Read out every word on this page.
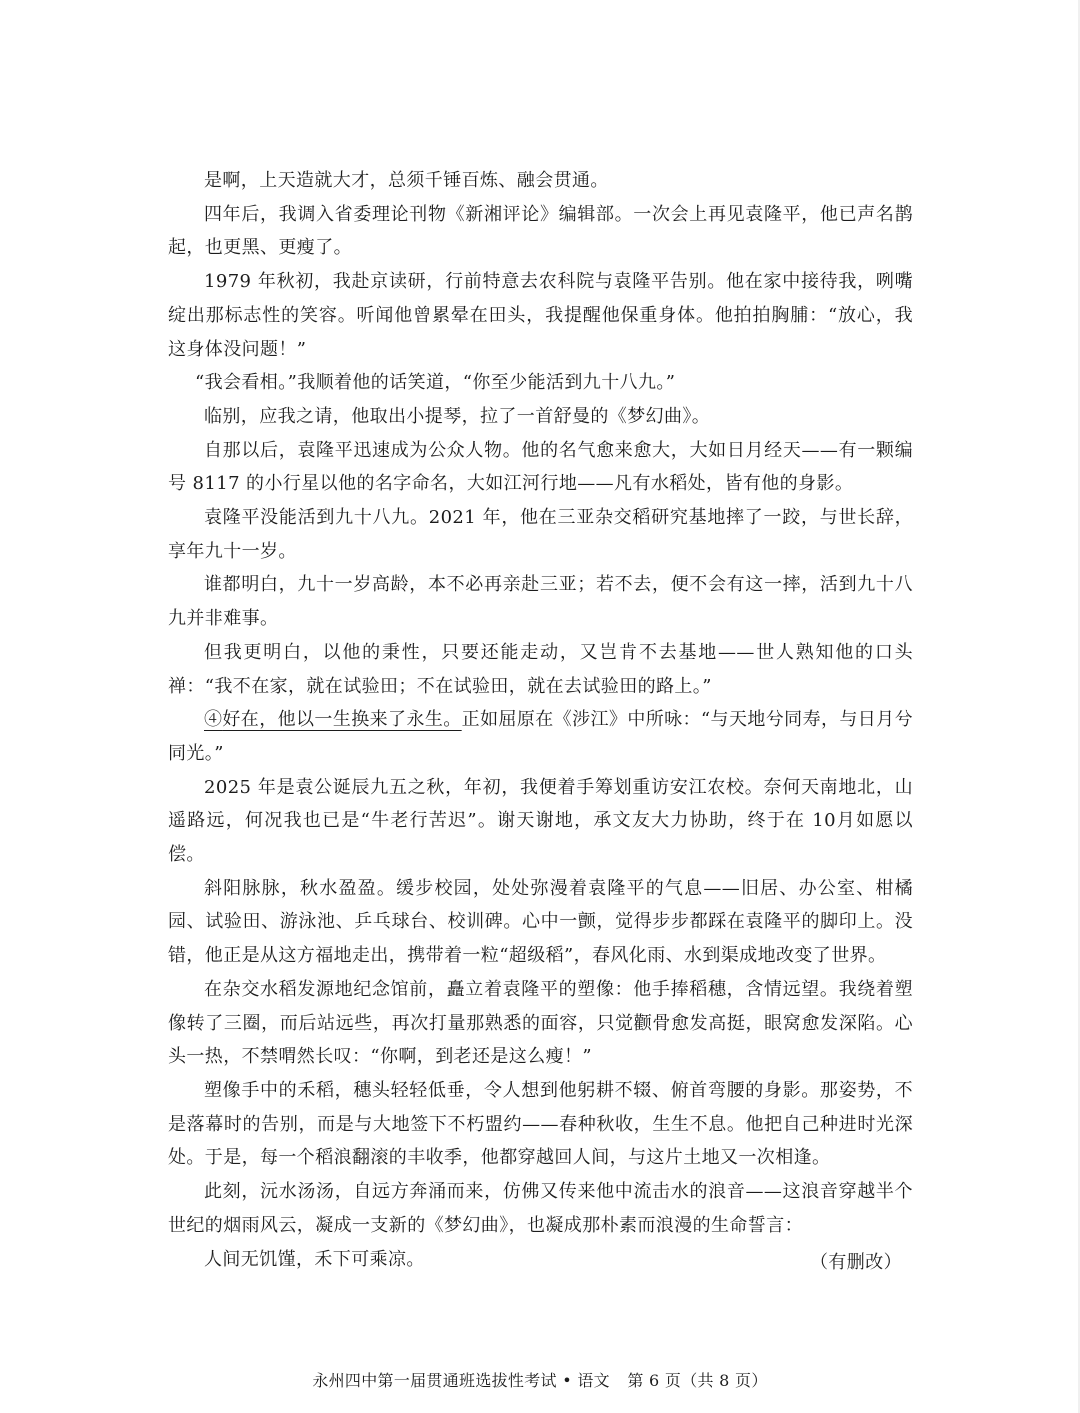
是啊，上天造就大才，总须千锤百炼、融会贯通。

四年后，我调入省委理论刊物《新湘评论》编辑部。一次会上再见袁隆平，他已声名鹊起，也更黑、更瘦了。

1979 年秋初，我赴京读研，行前特意去农科院与袁隆平告别。他在家中接待我，咧嘴绽出那标志性的笑容。听闻他曾累晕在田头，我提醒他保重身体。他拍拍胸脯：“放心，我这身体没问题！”

“我会看相。”我顺着他的话笑道，“你至少能活到九十八九。”

临别，应我之请，他取出小提琴，拉了一首舒曼的《梦幻曲》。

自那以后，袁隆平迅速成为公众人物。他的名气愈来愈大，大如日月经天——有一颗编号 8117 的小行星以他的名字命名，大如江河行地——凡有水稻处，皆有他的身影。

袁隆平没能活到九十八九。2021 年，他在三亚杂交稻研究基地摔了一跤，与世长辞，享年九十一岁。

谁都明白，九十一岁高龄，本不必再亲赴三亚；若不去，便不会有这一摔，活到九十八九并非难事。

但我更明白，以他的秉性，只要还能走动，又岂肯不去基地——世人熟知他的口头禅：“我不在家，就在试验田；不在试验田，就在去试验田的路上。”

④好在，他以一生换来了永生。正如屈原在《涉江》中所咏：“与天地兮同寿，与日月兮同光。”

2025 年是袁公诞辰九五之秋，年初，我便着手筹划重访安江农校。奈何天南地北，山遥路远，何况我也已是“牛老行苦迟”。谢天谢地，承文友大力协助，终于在 10月如愿以偿。

斜阳脉脉，秋水盈盈。缓步校园，处处弥漫着袁隆平的气息——旧居、办公室、柑橘园、试验田、游泳池、乒乓球台、校训碑。心中一颤，觉得步步都踩在袁隆平的脚印上。没错，他正是从这方福地走出，携带着一粒“超级稻”，春风化雨、水到渠成地改变了世界。

在杂交水稻发源地纪念馆前，矗立着袁隆平的塑像：他手捧稻穗，含情远望。我绕着塑像转了三圈，而后站远些，再次打量那熟悉的面容，只觉颧骨愈发高挺，眼窝愈发深陷。心头一热，不禁喟然长叹：“你啊，到老还是这么瘦！”

塑像手中的禾稻，穗头轻轻低垂，令人想到他躬耕不辍、俯首弯腰的身影。那姿势，不是落幕时的告别，而是与大地签下不朽盟约——春种秋收，生生不息。他把自己种进时光深处。于是，每一个稻浪翻滚的丰收季，他都穿越回人间，与这片土地又一次相逢。

此刻，沅水汤汤，自远方奔涌而来，仿佛又传来他中流击水的浪音——这浪音穿越半个世纪的烟雨风云，凝成一支新的《梦幻曲》，也凝成那朴素而浪漫的生命誓言：

人间无饥馑，禾下可乘凉。	（有删改）
永州四中第一届贯通班选拔性考试 • 语文 第 6 页（共 8 页）
